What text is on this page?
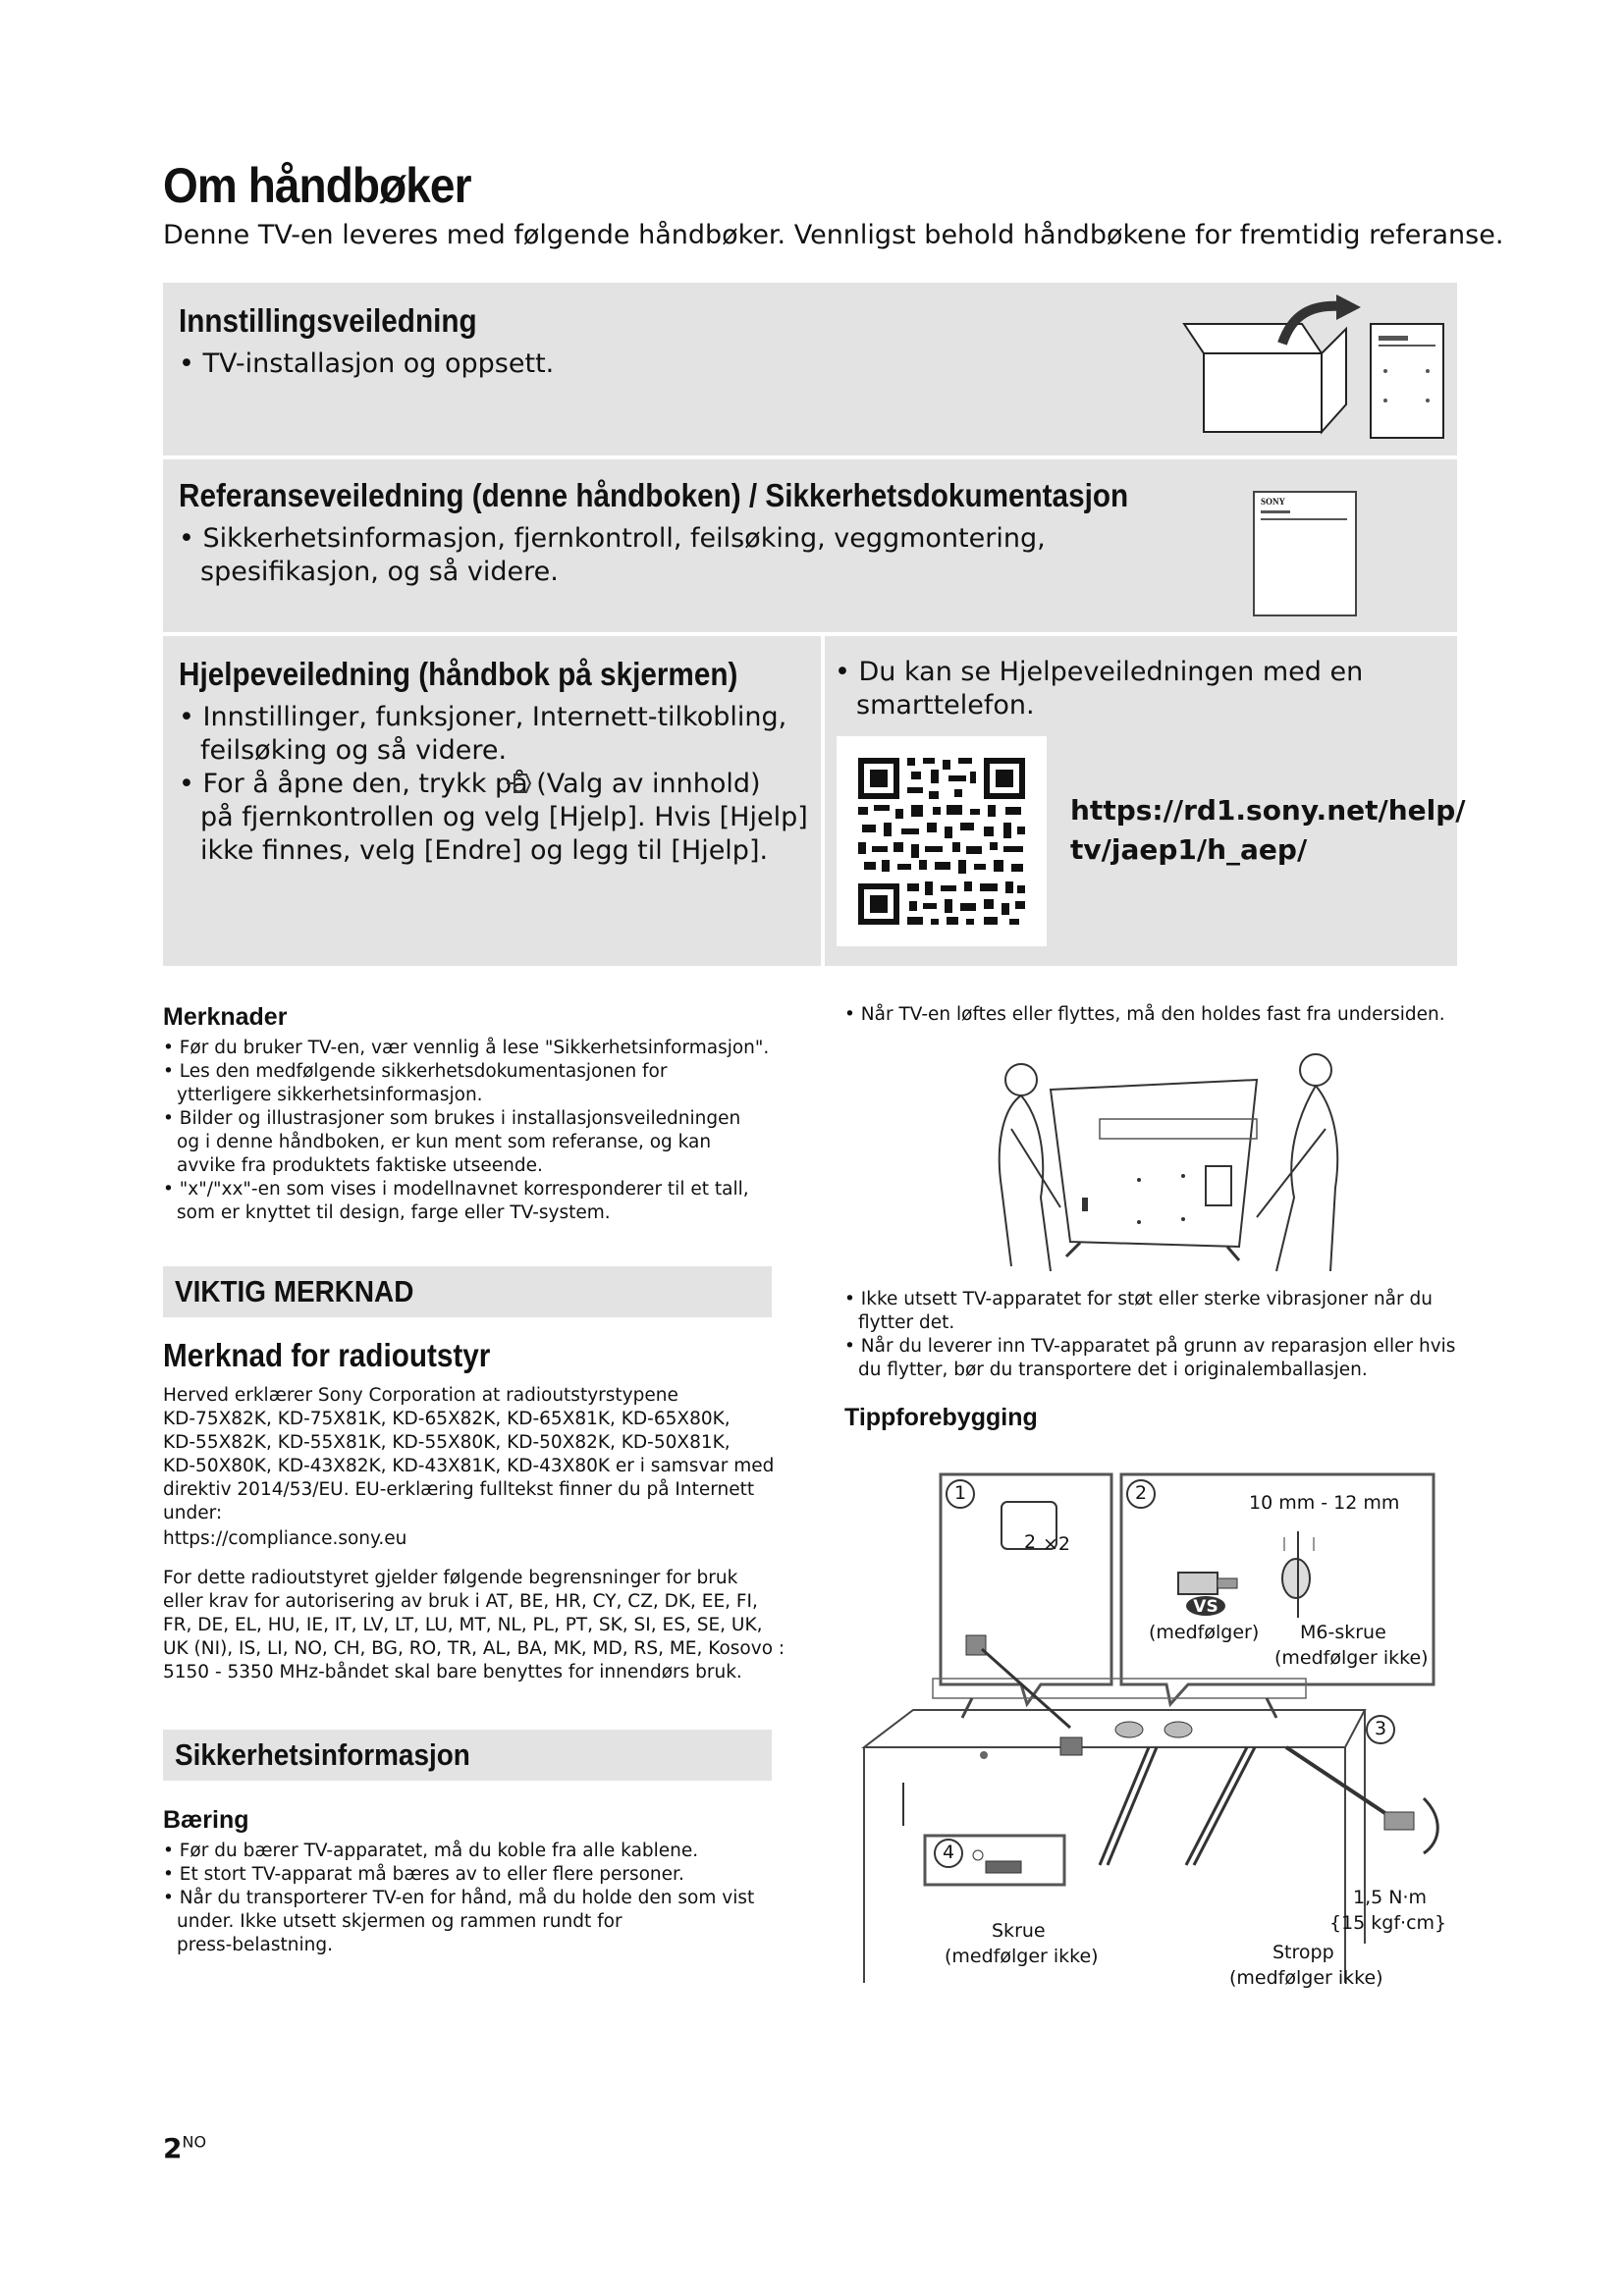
Om håndbøker
Denne TV-en leveres med følgende håndbøker. Vennligst behold håndbøkene for fremtidig referanse.
Innstillingsveiledning
• TV-installasjon og oppsett.
Referanseveiledning (denne håndboken) / Sikkerhetsdokumentasjon
• Sikkerhetsinformasjon, fjernkontroll, feilsøking, veggmontering,
spesifikasjon, og så videre.
SONY
Hjelpeveiledning (håndbok på skjermen)
• Innstillinger, funksjoner, Internett-tilkobling,
feilsøking og så videre.
• For å åpne den, trykk på (Valg av innhold)
på fjernkontrollen og velg [Hjelp]. Hvis [Hjelp]
ikke finnes, velg [Endre] og legg til [Hjelp].
• Du kan se Hjelpeveiledningen med en
smarttelefon.
https://rd1.sony.net/help/
tv/jaep1/h_aep/
Merknader

• Før du bruker TV-en, vær vennlig å lese "Sikkerhetsinformasjon".

• Les den medfølgende sikkerhetsdokumentasjonen for

ytterligere sikkerhetsinformasjon.

• Bilder og illustrasjoner som brukes i installasjonsveiledningen

og i denne håndboken, er kun ment som referanse, og kan

avvike fra produktets faktiske utseende.

• "x"/"xx"-en som vises i modellnavnet korresponderer til et tall,

som er knyttet til design, farge eller TV-system.

VIKTIG MERKNAD
Merknad for radioutstyr

Herved erklærer Sony Corporation at radioutstyrstypene

KD-75X82K, KD-75X81K, KD-65X82K, KD-65X81K, KD-65X80K,

KD-55X82K, KD-55X81K, KD-55X80K, KD-50X82K, KD-50X81K,

KD-50X80K, KD-43X82K, KD-43X81K, KD-43X80K er i samsvar med

direktiv 2014/53/EU. EU-erklæring fulltekst finner du på Internett

under:

https://compliance.sony.eu

For dette radioutstyret gjelder følgende begrensninger for bruk

eller krav for autorisering av bruk i AT, BE, HR, CY, CZ, DK, EE, FI,

FR, DE, EL, HU, IE, IT, LV, LT, LU, MT, NL, PL, PT, SK, SI, ES, SE, UK,

UK (NI), IS, LI, NO, CH, BG, RO, TR, AL, BA, MK, MD, RS, ME, Kosovo :

5150 - 5350 MHz-båndet skal bare benyttes for innendørs bruk.

Sikkerhetsinformasjon
Bæring

• Før du bærer TV-apparatet, må du koble fra alle kablene.

• Et stort TV-apparat må bæres av to eller flere personer.

• Når du transporterer TV-en for hånd, må du holde den som vist

under. Ikke utsett skjermen og rammen rundt for

press-belastning.

• Når TV-en løftes eller flyttes, må den holdes fast fra undersiden.

• Ikke utsett TV-apparatet for støt eller sterke vibrasjoner når du

flytter det.

• Når du leverer inn TV-apparatet på grunn av reparasjon eller hvis

du flytter, bør du transportere det i originalemballasjen.

Tippforebygging
1	2
3
4
2 ×2
10 mm - 12 mm
VS
(medfølger) M6-skrue
(medfølger ikke)
1,5 N·m
{15 kgf·cm}
Skrue
(medfølger ikke)	Stropp
(medfølger ikke)
$2^{NO}$
